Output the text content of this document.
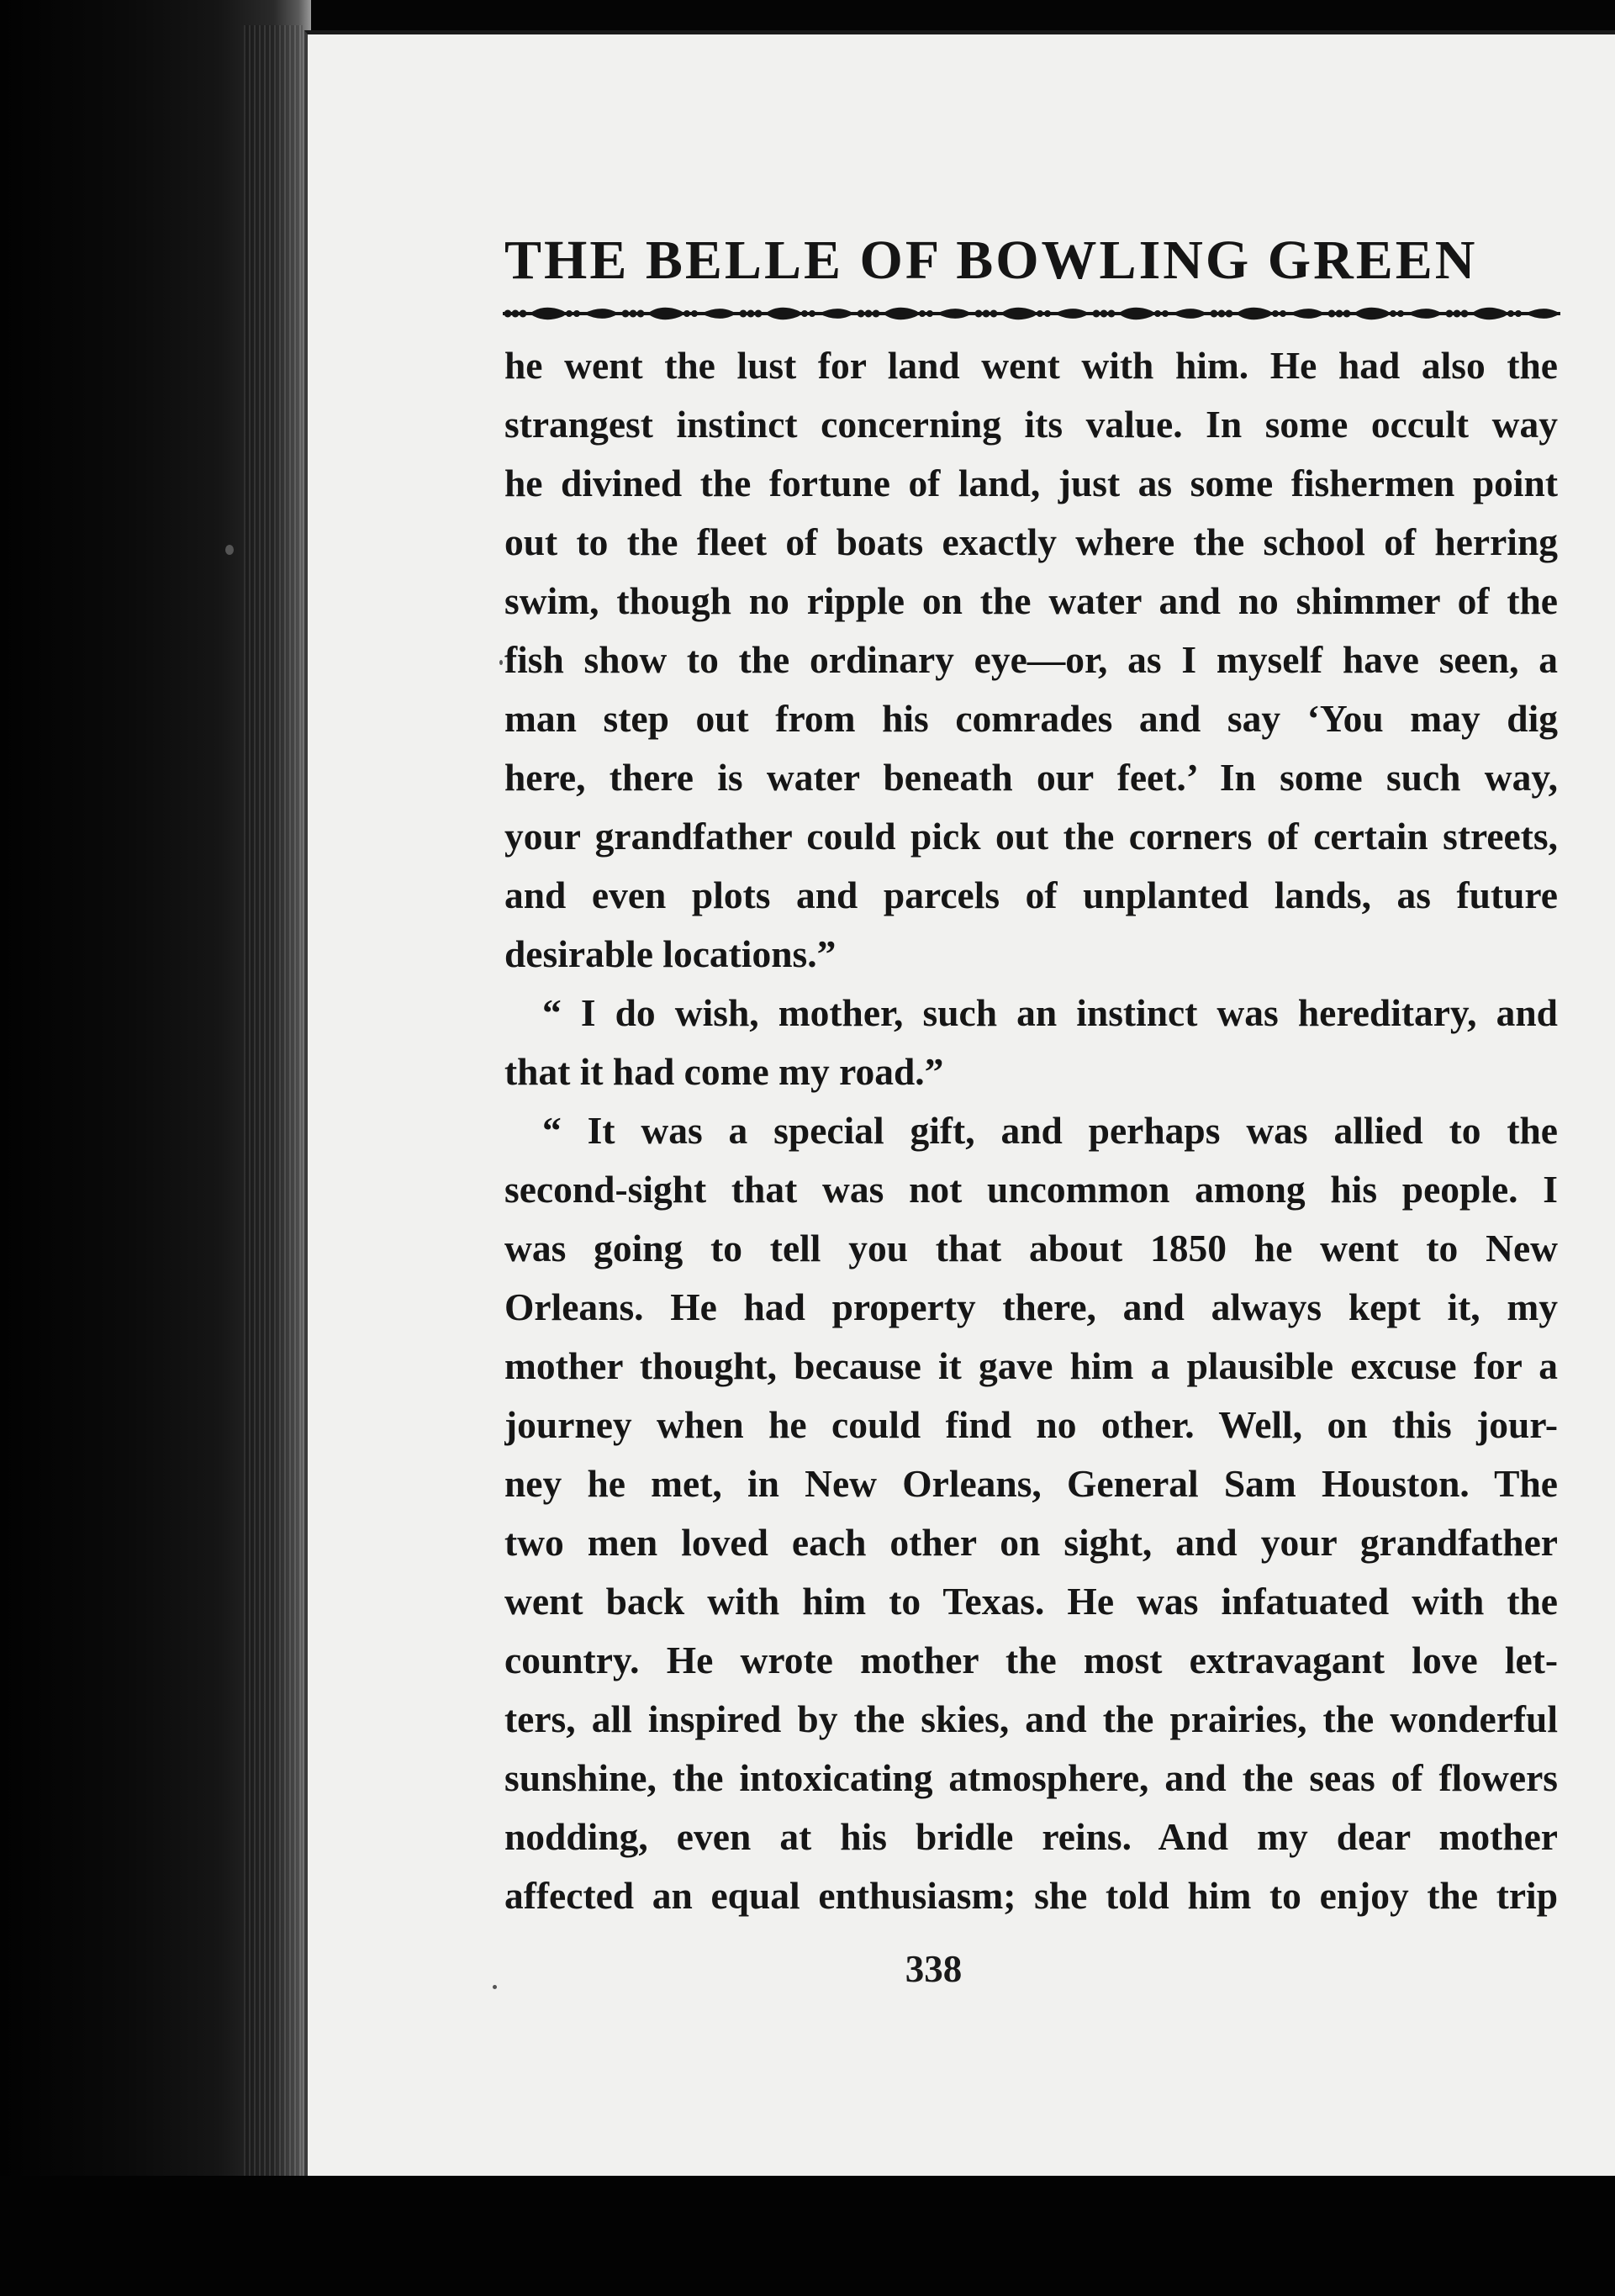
THE BELLE OF BOWLING GREEN
he went the lust for land went with him. He had also the
strangest instinct concerning its value. In some occult way
he divined the fortune of land, just as some fishermen point
out to the fleet of boats exactly where the school of herring
swim, though no ripple on the water and no shimmer of the
fish show to the ordinary eye—or, as I myself have seen, a
man step out from his comrades and say ‘You may dig
here, there is water beneath our feet.’ In some such way,
your grandfather could pick out the corners of certain streets,
and even plots and parcels of unplanted lands, as future
desirable locations.”
“ I do wish, mother, such an instinct was hereditary, and
that it had come my road.”
“ It was a special gift, and perhaps was allied to the
second-sight that was not uncommon among his people. I
was going to tell you that about 1850 he went to New
Orleans. He had property there, and always kept it, my
mother thought, because it gave him a plausible excuse for a
journey when he could find no other. Well, on this jour-
ney he met, in New Orleans, General Sam Houston. The
two men loved each other on sight, and your grandfather
went back with him to Texas. He was infatuated with the
country. He wrote mother the most extravagant love let-
ters, all inspired by the skies, and the prairies, the wonderful
sunshine, the intoxicating atmosphere, and the seas of flowers
nodding, even at his bridle reins. And my dear mother
affected an equal enthusiasm; she told him to enjoy the trip
338
